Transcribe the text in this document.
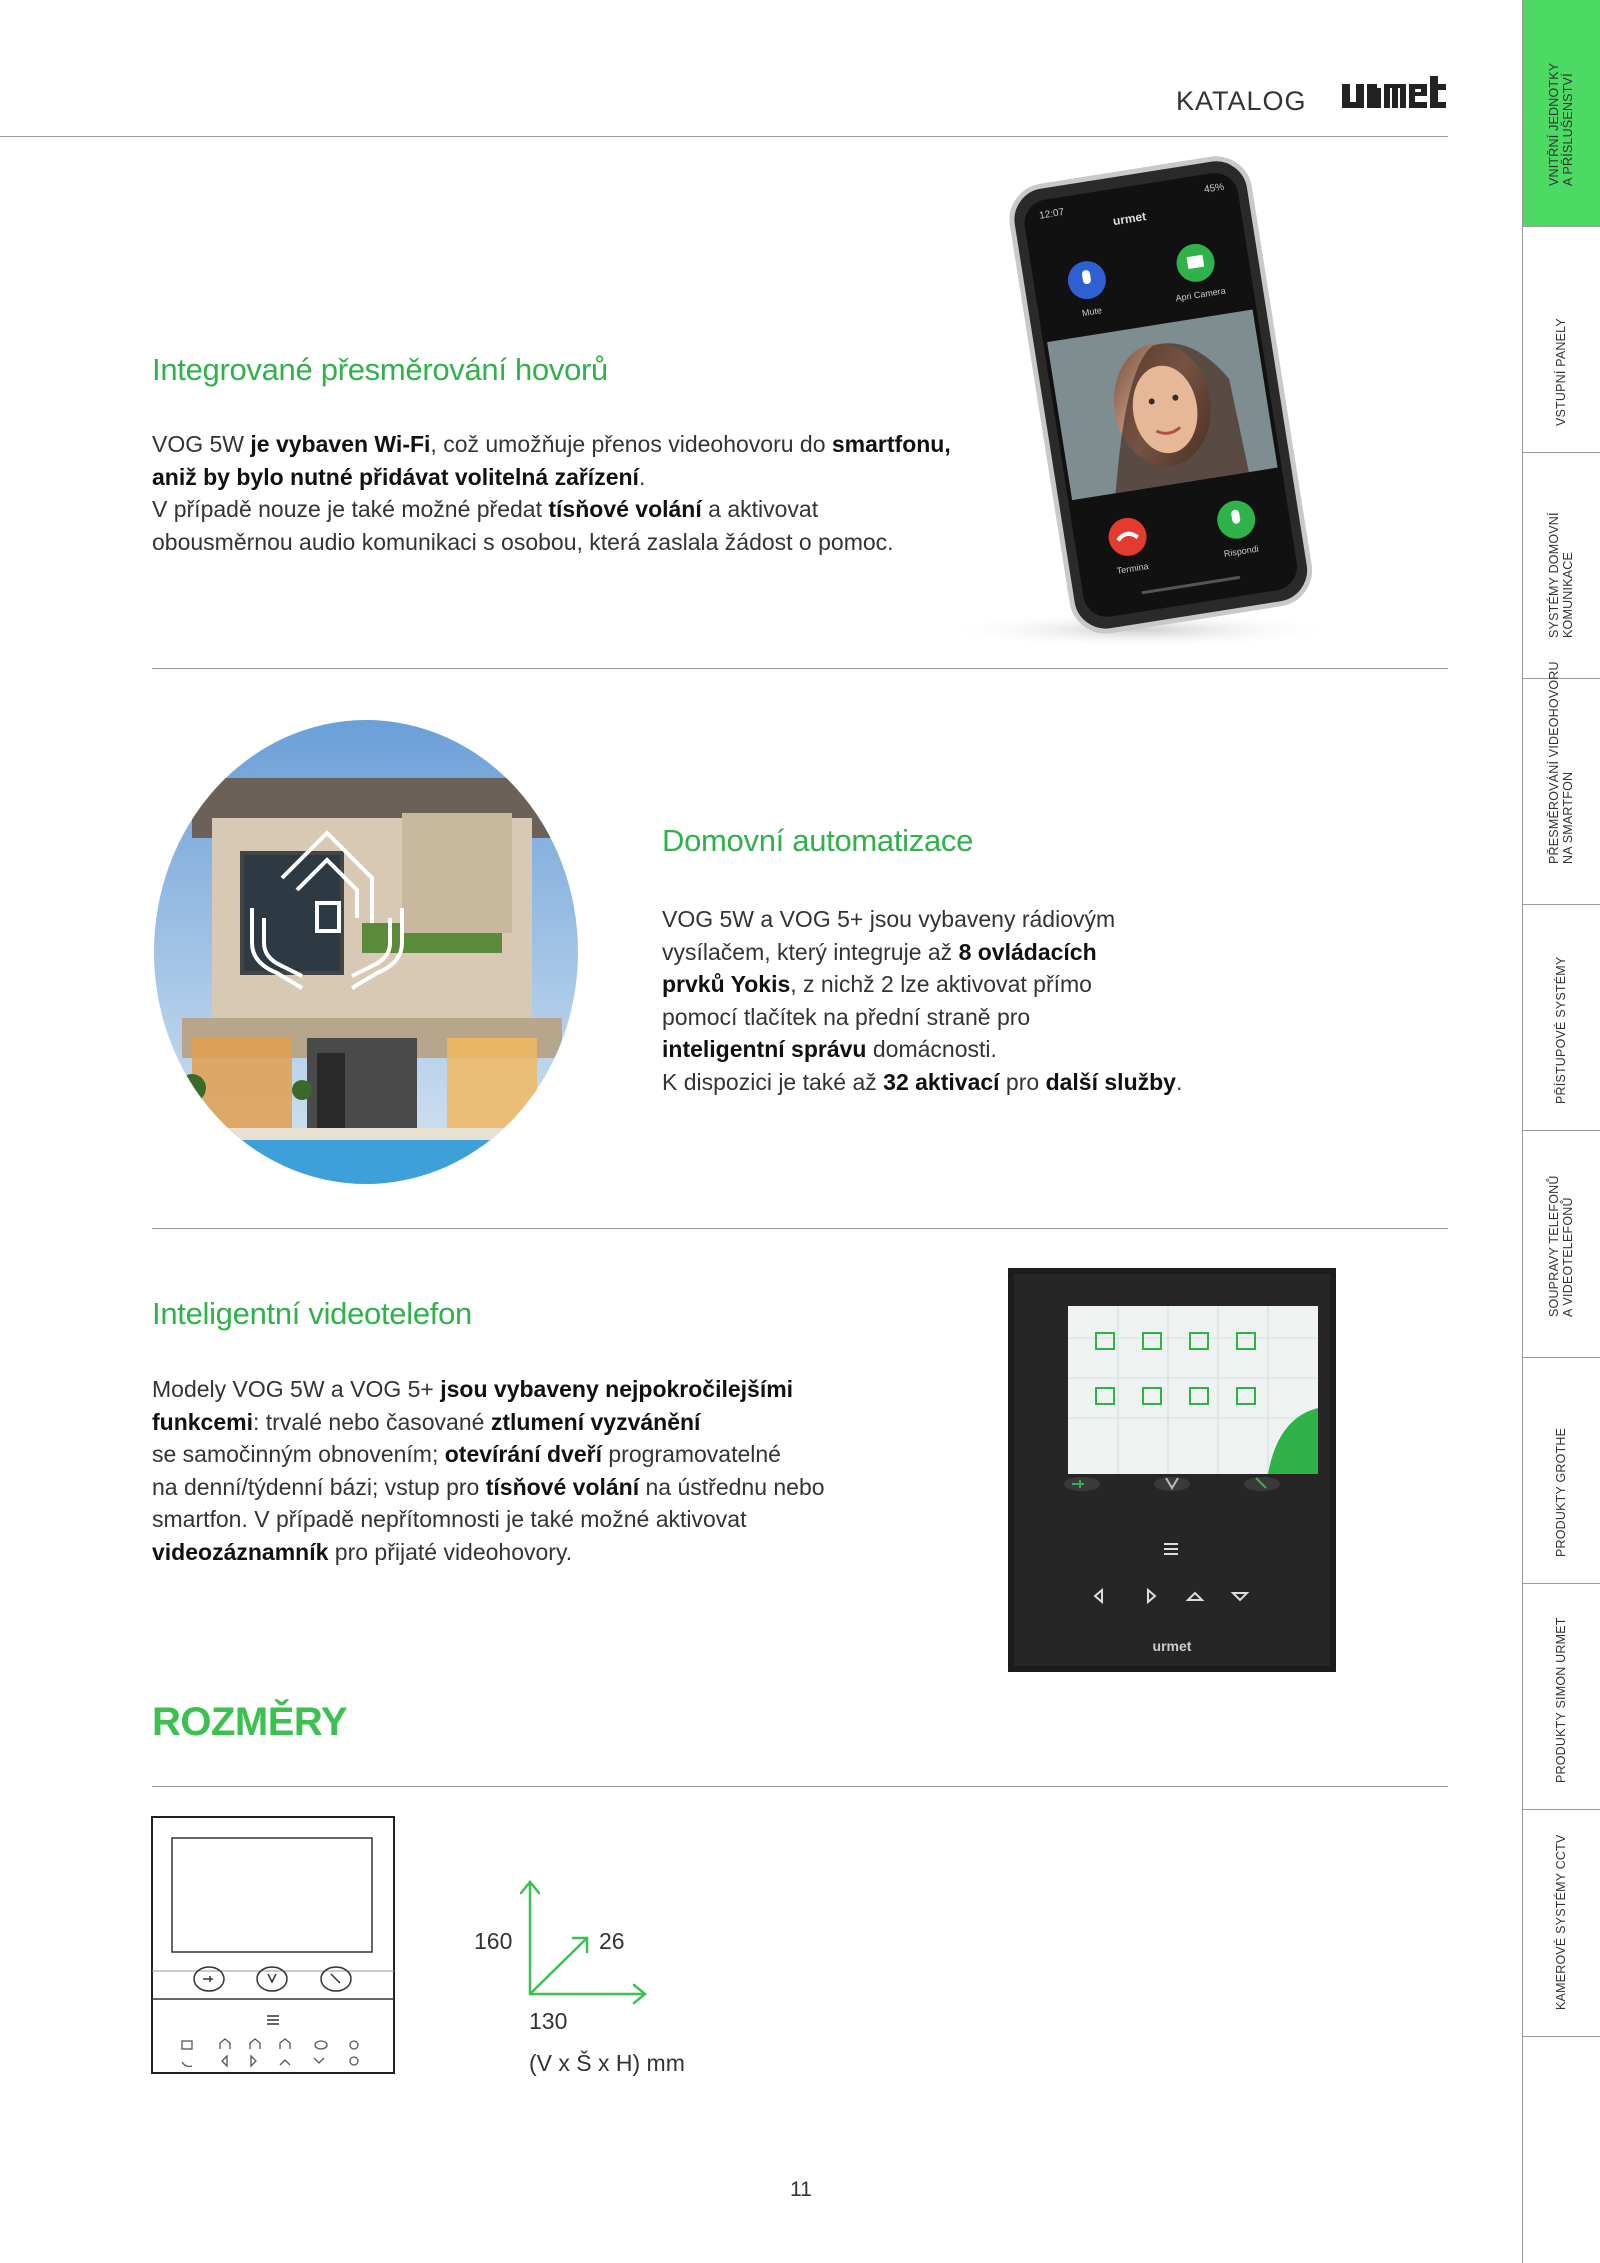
KATALOG	VNITŘNÍ JEDNOTKY
A PŘÍSLUŠENSTVÍ
VSTUPNÍ PANELY
SYSTÉMY DOMOVNÍ
KOMUNIKACE
PŘESMĚROVÁNÍ VIDEOHOVORU
NA SMARTFON
PŘÍSTUPOVÉ SYSTÉMY
SOUPRAVY TELEFONŮ
A VIDEOTELEFONŮ
PRODUKTY GROTHE
PRODUKTY SIMON URMET
KAMEROVÉ SYSTÉMY CCTV
Integrované přesměrování hovorů
VOG 5W je vybaven Wi-Fi, což umožňuje přenos videohovoru do smartfonu,
aniž by bylo nutné přidávat volitelná zařízení.
V případě nouze je také možné předat tísňové volání a aktivovat
obousměrnou audio komunikaci s osobou, která zaslala žádost o pomoc.
12:07
45%
urmet
Mute
Apri Camera
Termina
Rispondi
Domovní automatizace
VOG 5W a VOG 5+ jsou vybaveny rádiovým
vysílačem, který integruje až 8 ovládacích
prvků Yokis, z nichž 2 lze aktivovat přímo
pomocí tlačítek na přední straně pro
inteligentní správu domácnosti.
K dispozici je také až 32 aktivací pro další služby.
Inteligentní videotelefon
Modely VOG 5W a VOG 5+ jsou vybaveny nejpokročilejšími
funkcemi: trvalé nebo časované ztlumení vyzvánění
se samočinným obnovením; otevírání dveří programovatelné
na denní/týdenní bázi; vstup pro tísňové volání na ústřednu nebo
smartfon. V případě nepřítomnosti je také možné aktivovat
videozáznamník pro přijaté videohovory.
urmet
ROZMĚRY
160	26
130
(V x Š x H) mm
11
